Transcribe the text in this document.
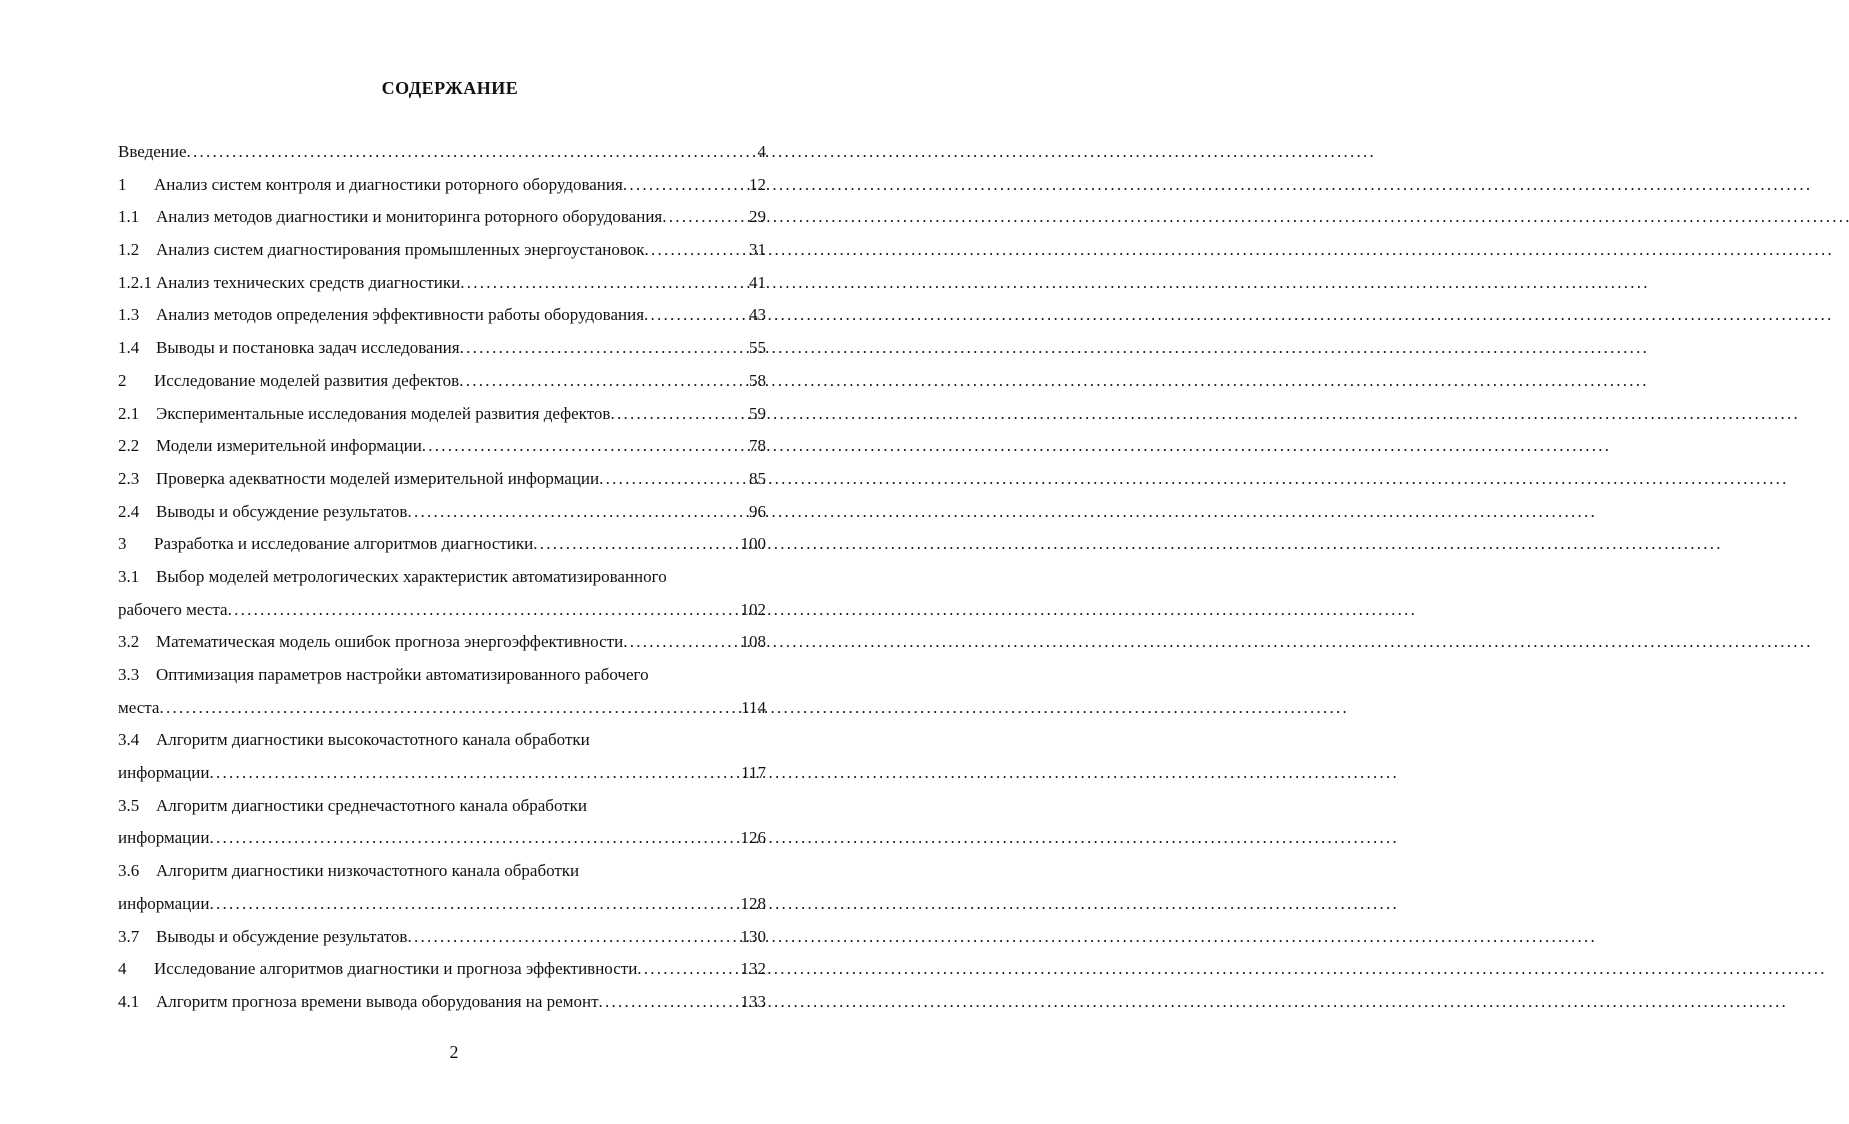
СОДЕРЖАНИЕ
Введение . . .	4
1	Анализ систем контроля и диагностики роторного оборудования . . .	12
1.1 Анализ методов диагностики и мониторинга роторного оборудования . . .	29
1.2 Анализ систем диагностирования промышленных энергоустановок . . .	31
1.2.1 Анализ технических средств диагностики . . .	41
1.3 Анализ методов определения эффективности работы оборудования . . .	43
1.4 Выводы и постановка задач исследования . . .	55
2	Исследование моделей развития дефектов . . .	58
2.1 Экспериментальные исследования моделей развития дефектов . . .	59
2.2 Модели измерительной информации . . .	78
2.3 Проверка адекватности моделей измерительной информации . . .	85
2.4 Выводы и обсуждение результатов . . .	96
3	Разработка и исследование алгоритмов диагностики . . .	100
3.1 Выбор моделей метрологических характеристик автоматизированного
рабочего места . . .	102
3.2 Математическая модель ошибок прогноза энергоэффективности . . .	108
3.3 Оптимизация параметров настройки автоматизированного рабочего
места . . .	114
3.4 Алгоритм диагностики высокочастотного канала обработки
информации . . .	117
3.5 Алгоритм диагностики среднечастотного канала обработки
информации . . .	126
3.6 Алгоритм диагностики низкочастотного канала обработки
информации . . .	128
3.7 Выводы и обсуждение результатов . . .	130
4	Исследование алгоритмов диагностики и прогноза эффективности . . .	132
4.1 Алгоритм прогноза времени вывода оборудования на ремонт . . .	133
2
